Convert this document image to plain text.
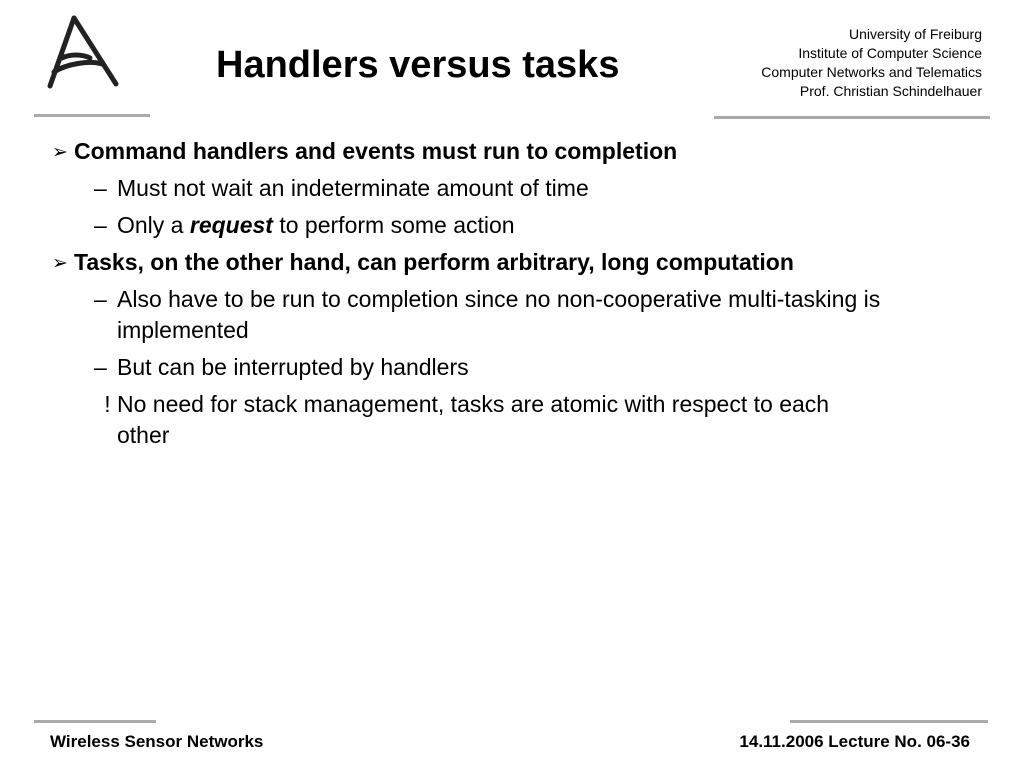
Handlers versus tasks
University of Freiburg
Institute of Computer Science
Computer Networks and Telematics
Prof. Christian Schindelhauer
➢ Command handlers and events must run to completion
– Must not wait an indeterminate amount of time
– Only a request to perform some action
➢ Tasks, on the other hand, can perform arbitrary, long computation
– Also have to be run to completion since no non-cooperative multi-tasking is
implemented
– But can be interrupted by handlers
! No need for stack management, tasks are atomic with respect to each
other
Wireless Sensor Networks	14.11.2006 Lecture No. 06-36
